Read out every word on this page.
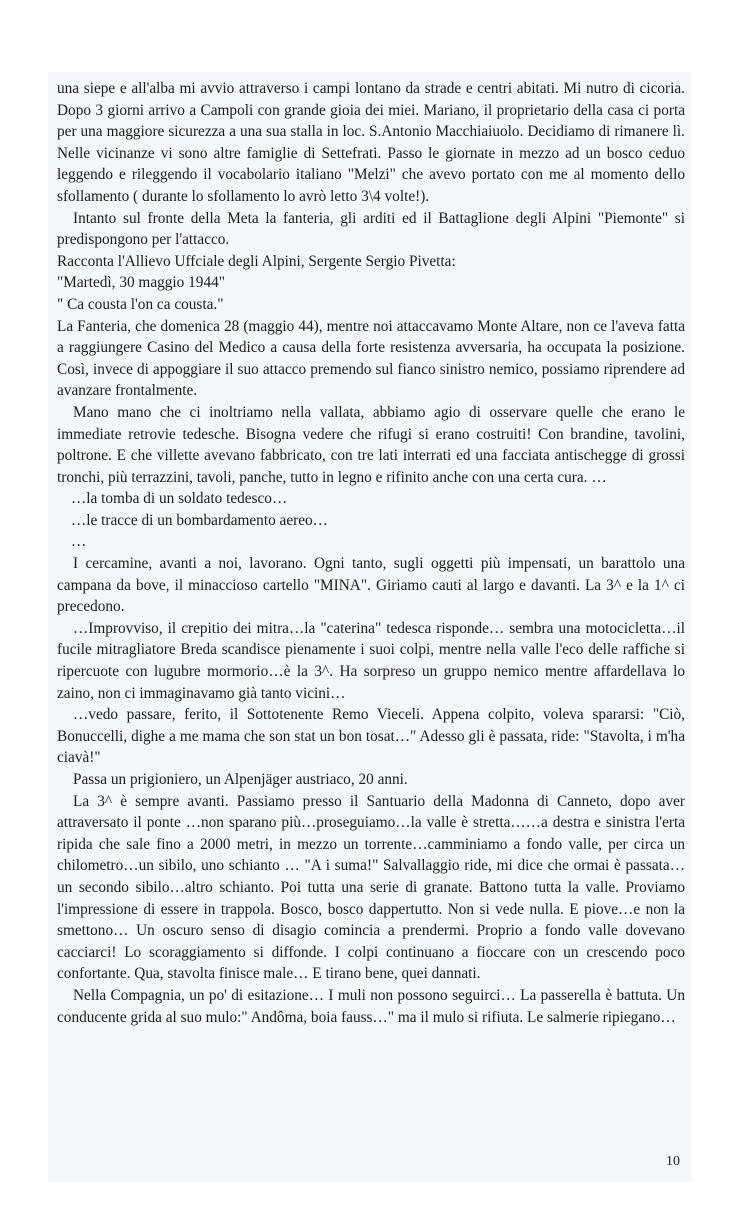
una siepe e all'alba mi avvio attraverso i campi lontano da strade e centri abitati. Mi nutro di cicoria. Dopo 3 giorni arrivo a Campoli con grande gioia dei miei. Mariano, il proprietario della casa ci porta per una maggiore sicurezza a una sua stalla in loc. S.Antonio Macchiaiuolo. Decidiamo di rimanere lì. Nelle vicinanze vi sono altre famiglie di Settefrati. Passo le giornate in mezzo ad un bosco ceduo leggendo e rileggendo il vocabolario italiano "Melzi" che avevo portato con me al momento dello sfollamento ( durante lo sfollamento lo avrò letto 3\4 volte!).

Intanto sul fronte della Meta la fanteria, gli arditi ed il Battaglione degli Alpini "Piemonte" si predispongono per l'attacco.

Racconta l'Allievo Uffciale degli Alpini, Sergente Sergio Pivetta:

"Martedì, 30 maggio 1944"

" Ca cousta l'on ca cousta."

La Fanteria, che domenica 28 (maggio 44), mentre noi attaccavamo Monte Altare, non ce l'aveva fatta a raggiungere Casino del Medico a causa della forte resistenza avversaria, ha occupata la posizione. Così, invece di appoggiare il suo attacco premendo sul fianco sinistro nemico, possiamo riprendere ad avanzare frontalmente.

Mano mano che ci inoltriamo nella vallata, abbiamo agio di osservare quelle che erano le immediate retrovie tedesche. Bisogna vedere che rifugi si erano costruiti! Con brandine, tavolini, poltrone. E che villette avevano fabbricato, con tre lati interrati ed una facciata antischegge di grossi tronchi, più terrazzini, tavoli, panche, tutto in legno e rifinito anche con una certa cura. …

…la tomba di un soldato tedesco…

…le tracce di un bombardamento aereo…

…

I cercamine, avanti a noi, lavorano. Ogni tanto, sugli oggetti più impensati, un barattolo una campana da bove, il minaccioso cartello "MINA". Giriamo cauti al largo e davanti. La 3^ e la 1^ ci precedono.

…Improvviso, il crepitio dei mitra…la "caterina" tedesca risponde… sembra una motocicletta…il fucile mitragliatore Breda scandisce pienamente i suoi colpi, mentre nella valle l'eco delle raffiche si ripercuote con lugubre mormorio…è la 3^. Ha sorpreso un gruppo nemico mentre affardellava lo zaino, non ci immaginavamo già tanto vicini…

…vedo passare, ferito, il Sottotenente Remo Vieceli. Appena colpito, voleva spararsi: "Ciò, Bonuccelli, dighe a me mama che son stat un bon tosat…" Adesso gli è passata, ride: "Stavolta, i m'ha ciavà!"

Passa un prigioniero, un Alpenjäger austriaco, 20 anni.

La 3^ è sempre avanti. Passiamo presso il Santuario della Madonna di Canneto, dopo aver attraversato il ponte …non sparano più…proseguiamo…la valle è stretta……a destra e sinistra l'erta ripida che sale fino a 2000 metri, in mezzo un torrente…camminiamo a fondo valle, per circa un chilometro…un sibilo, uno schianto … "A i suma!" Salvallaggio ride, mi dice che ormai è passata…un secondo sibilo…altro schianto. Poi tutta una serie di granate. Battono tutta la valle. Proviamo l'impressione di essere in trappola. Bosco, bosco dappertutto. Non si vede nulla. E piove…e non la smettono… Un oscuro senso di disagio comincia a prendermi. Proprio a fondo valle dovevano cacciarci! Lo scoraggiamento si diffonde. I colpi continuano a fioccare con un crescendo poco confortante. Qua, stavolta finisce male… E tirano bene, quei dannati.

Nella Compagnia, un po' di esitazione… I muli non possono seguirci… La passerella è battuta. Un conducente grida al suo mulo:" Andôma, boia fauss…" ma il mulo si rifiuta. Le salmerie ripiegano…

10
